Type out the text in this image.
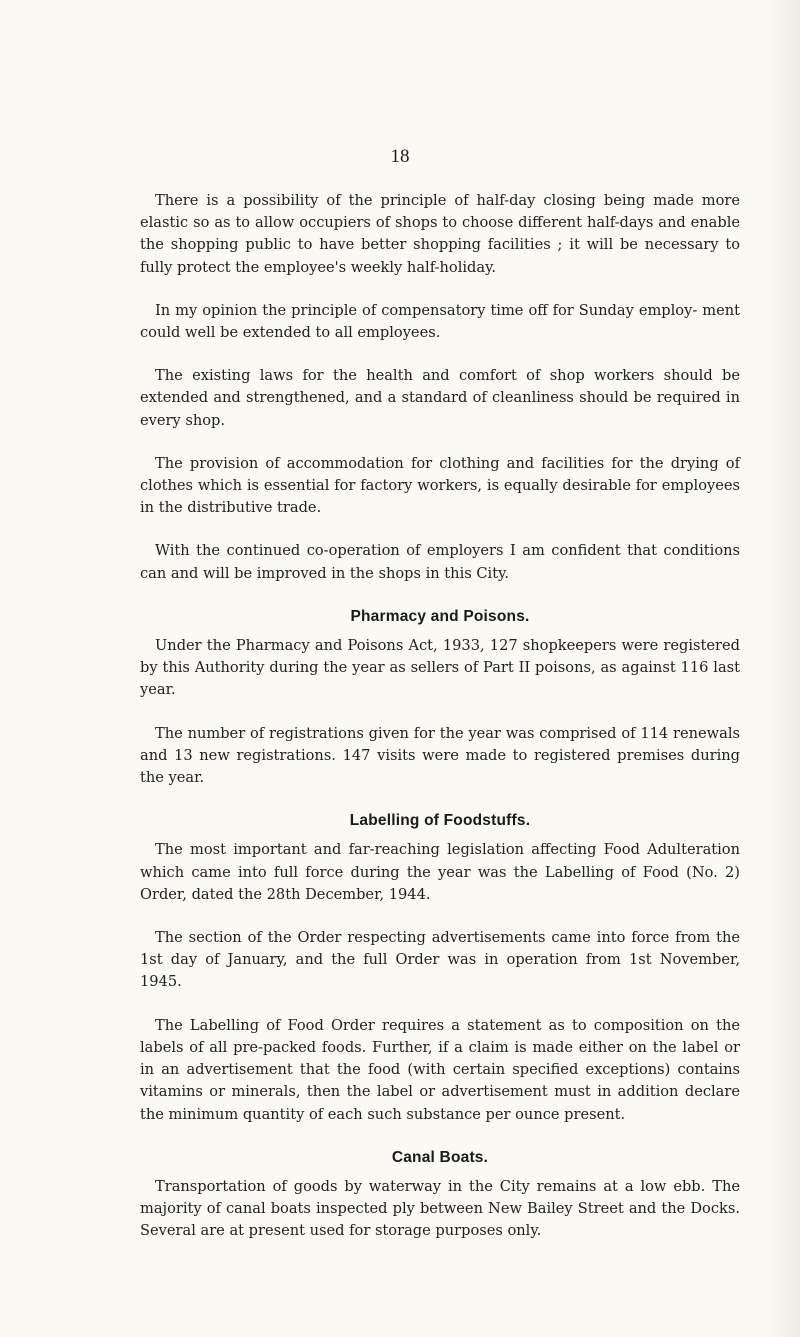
18

There is a possibility of the principle of half-day closing being made more elastic so as to allow occupiers of shops to choose different half-days and enable the shopping public to have better shopping facilities ; it will be necessary to fully protect the employee's weekly half-holiday.

In my opinion the principle of compensatory time off for Sunday employ- ment could well be extended to all employees.

The existing laws for the health and comfort of shop workers should be extended and strengthened, and a standard of cleanliness should be required in every shop.

The provision of accommodation for clothing and facilities for the drying of clothes which is essential for factory workers, is equally desirable for employees in the distributive trade.

With the continued co-operation of employers I am confident that conditions can and will be improved in the shops in this City.

Pharmacy and Poisons.

Under the Pharmacy and Poisons Act, 1933, 127 shopkeepers were registered by this Authority during the year as sellers of Part II poisons, as against 116 last year.

The number of registrations given for the year was comprised of 114 renewals and 13 new registrations. 147 visits were made to registered premises during the year.

Labelling of Foodstuffs.

The most important and far-reaching legislation affecting Food Adulteration which came into full force during the year was the Labelling of Food (No. 2) Order, dated the 28th December, 1944.

The section of the Order respecting advertisements came into force from the 1st day of January, and the full Order was in operation from 1st November, 1945.

The Labelling of Food Order requires a statement as to composition on the labels of all pre-packed foods. Further, if a claim is made either on the label or in an advertisement that the food (with certain specified exceptions) contains vitamins or minerals, then the label or advertisement must in addition declare the minimum quantity of each such substance per ounce present.

Canal Boats.

Transportation of goods by waterway in the City remains at a low ebb. The majority of canal boats inspected ply between New Bailey Street and the Docks. Several are at present used for storage purposes only.
